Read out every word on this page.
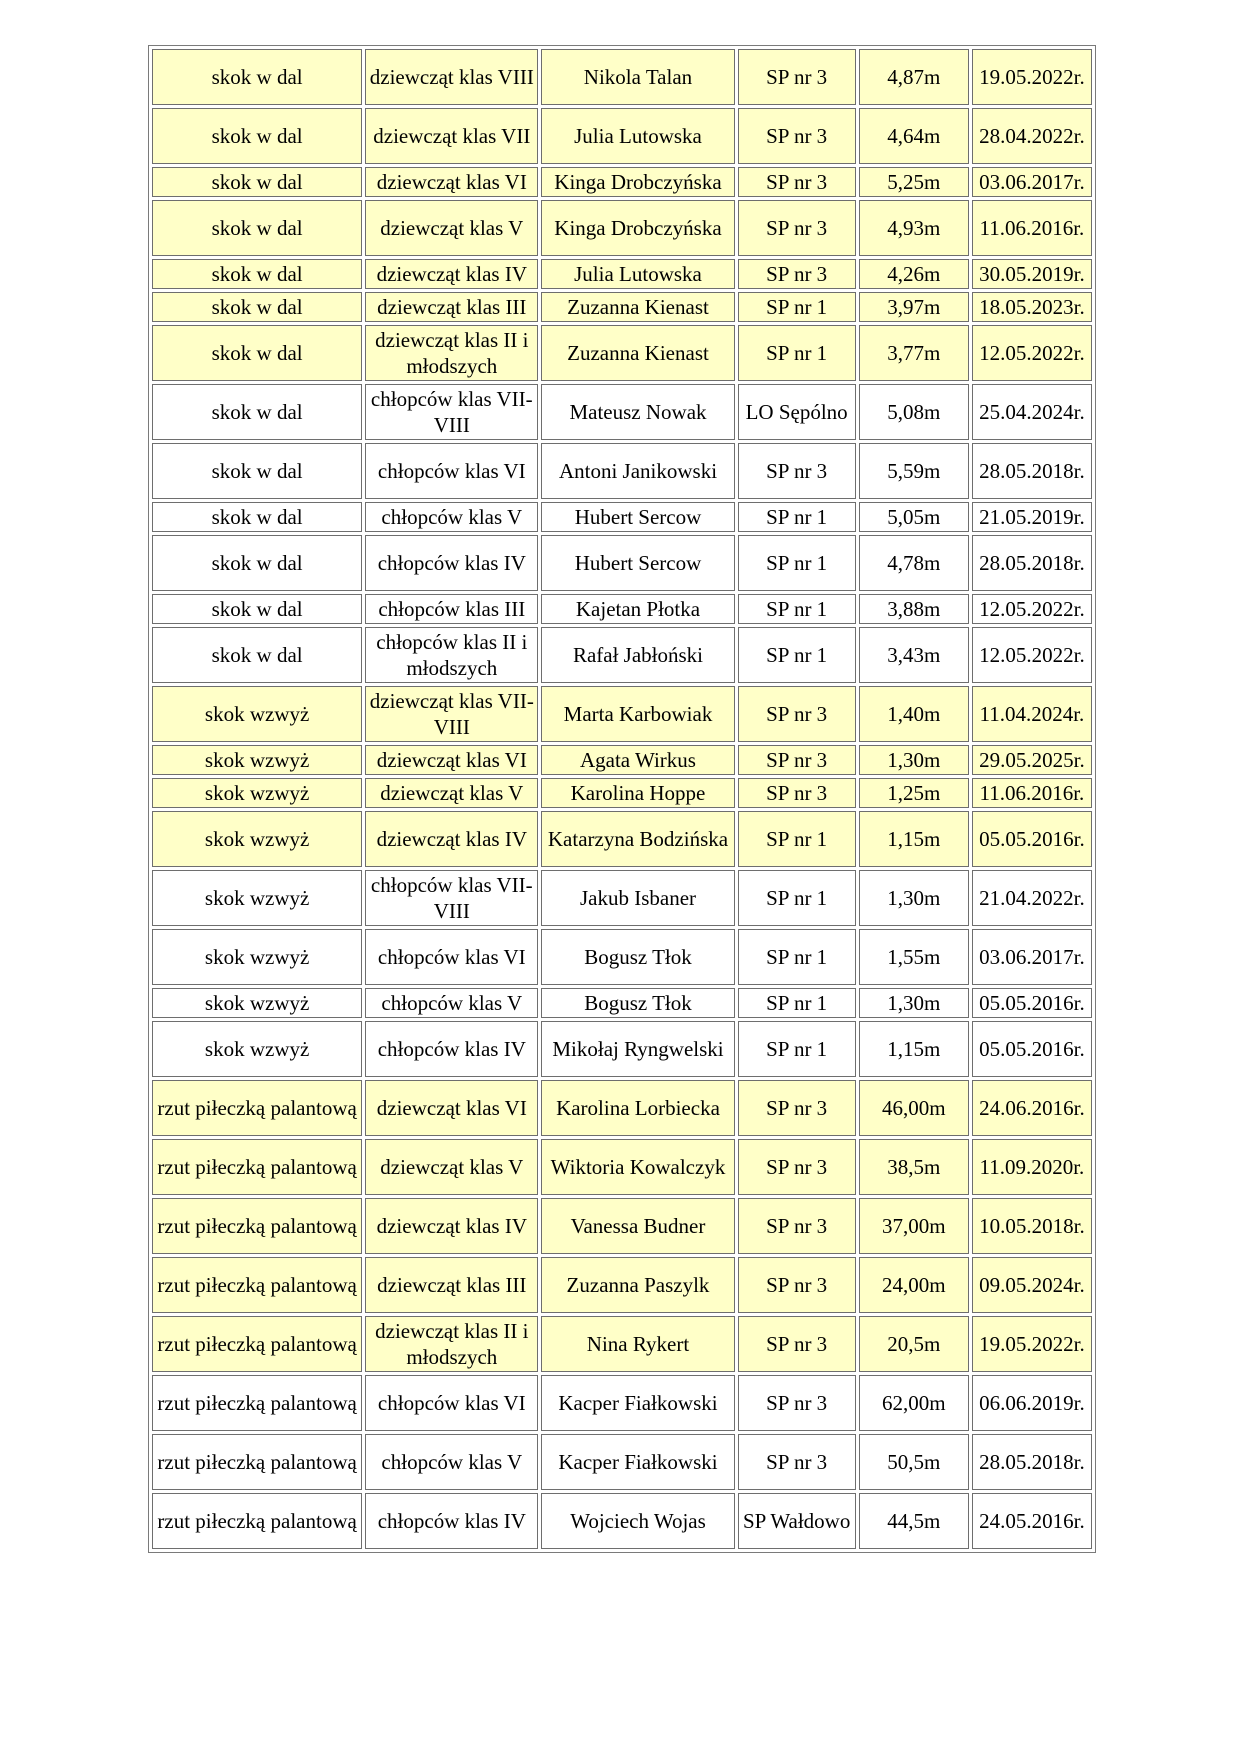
skok w dal	dziewcząt klas VIII	Nikola Talan	SP nr 3	4,87m	19.05.2022r.
skok w dal	dziewcząt klas VII	Julia Lutowska	SP nr 3	4,64m	28.04.2022r.
skok w dal	dziewcząt klas VI	Kinga Drobczyńska	SP nr 3	5,25m	03.06.2017r.
skok w dal	dziewcząt klas V	Kinga Drobczyńska	SP nr 3	4,93m	11.06.2016r.
skok w dal	dziewcząt klas IV	Julia Lutowska	SP nr 3	4,26m	30.05.2019r.
skok w dal	dziewcząt klas III	Zuzanna Kienast	SP nr 1	3,97m	18.05.2023r.
skok w dal	dziewcząt klas II i młodszych	Zuzanna Kienast	SP nr 1	3,77m	12.05.2022r.
skok w dal	chłopców klas VII-VIII	Mateusz Nowak	LO Sępólno	5,08m	25.04.2024r.
skok w dal	chłopców klas VI	Antoni Janikowski	SP nr 3	5,59m	28.05.2018r.
skok w dal	chłopców klas V	Hubert Sercow	SP nr 1	5,05m	21.05.2019r.
skok w dal	chłopców klas IV	Hubert Sercow	SP nr 1	4,78m	28.05.2018r.
skok w dal	chłopców klas III	Kajetan Płotka	SP nr 1	3,88m	12.05.2022r.
skok w dal	chłopców klas II i młodszych	Rafał Jabłoński	SP nr 1	3,43m	12.05.2022r.
skok wzwyż	dziewcząt klas VII-VIII	Marta Karbowiak	SP nr 3	1,40m	11.04.2024r.
skok wzwyż	dziewcząt klas VI	Agata Wirkus	SP nr 3	1,30m	29.05.2025r.
skok wzwyż	dziewcząt klas V	Karolina Hoppe	SP nr 3	1,25m	11.06.2016r.
skok wzwyż	dziewcząt klas IV	Katarzyna Bodzińska	SP nr 1	1,15m	05.05.2016r.
skok wzwyż	chłopców klas VII-VIII	Jakub Isbaner	SP nr 1	1,30m	21.04.2022r.
skok wzwyż	chłopców klas VI	Bogusz Tłok	SP nr 1	1,55m	03.06.2017r.
skok wzwyż	chłopców klas V	Bogusz Tłok	SP nr 1	1,30m	05.05.2016r.
skok wzwyż	chłopców klas IV	Mikołaj Ryngwelski	SP nr 1	1,15m	05.05.2016r.
rzut piłeczką palantową	dziewcząt klas VI	Karolina Lorbiecka	SP nr 3	46,00m	24.06.2016r.
rzut piłeczką palantową	dziewcząt klas V	Wiktoria Kowalczyk	SP nr 3	38,5m	11.09.2020r.
rzut piłeczką palantową	dziewcząt klas IV	Vanessa Budner	SP nr 3	37,00m	10.05.2018r.
rzut piłeczką palantową	dziewcząt klas III	Zuzanna Paszylk	SP nr 3	24,00m	09.05.2024r.
rzut piłeczką palantową	dziewcząt klas II i młodszych	Nina Rykert	SP nr 3	20,5m	19.05.2022r.
rzut piłeczką palantową	chłopców klas VI	Kacper Fiałkowski	SP nr 3	62,00m	06.06.2019r.
rzut piłeczką palantową	chłopców klas V	Kacper Fiałkowski	SP nr 3	50,5m	28.05.2018r.
rzut piłeczką palantową	chłopców klas IV	Wojciech Wojas	SP Wałdowo	44,5m	24.05.2016r.
